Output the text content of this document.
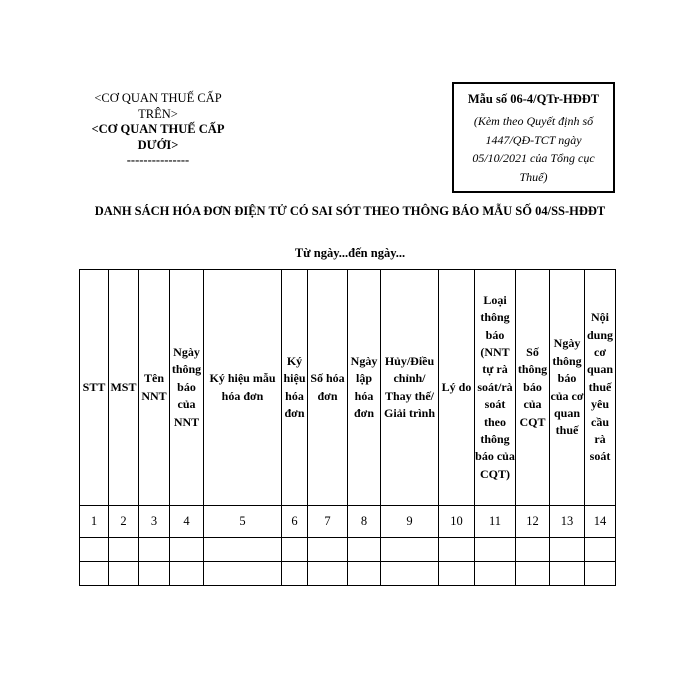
<CƠ QUAN THUẾ CẤP
TRÊN>
<CƠ QUAN THUẾ CẤP
DƯỚI>
---------------
Mẫu số 06-4/QTr-HĐĐT
(Kèm theo Quyết định số 1447/QĐ-TCT ngày 05/10/2021 của Tổng cục Thuế)
DANH SÁCH HÓA ĐƠN ĐIỆN TỬ CÓ SAI SÓT THEO THÔNG BÁO MẪU SỐ 04/SS-HĐĐT
Từ ngày...đến ngày...
STT	MST	Tên NNT	Ngày thông báo của NNT	Ký hiệu mẫu hóa đơn	Ký hiệu hóa đơn	Số hóa đơn	Ngày lập hóa đơn	Hủy/Điều chỉnh/ Thay thế/ Giải trình	Lý do	Loại thông báo (NNT tự rà soát/rà soát theo thông báo của CQT)	Số thông báo của CQT	Ngày thông báo của cơ quan thuế	Nội dung cơ quan thuế yêu cầu rà soát
1	2	3	4	5	6	7	8	9	10	11	12	13	14
